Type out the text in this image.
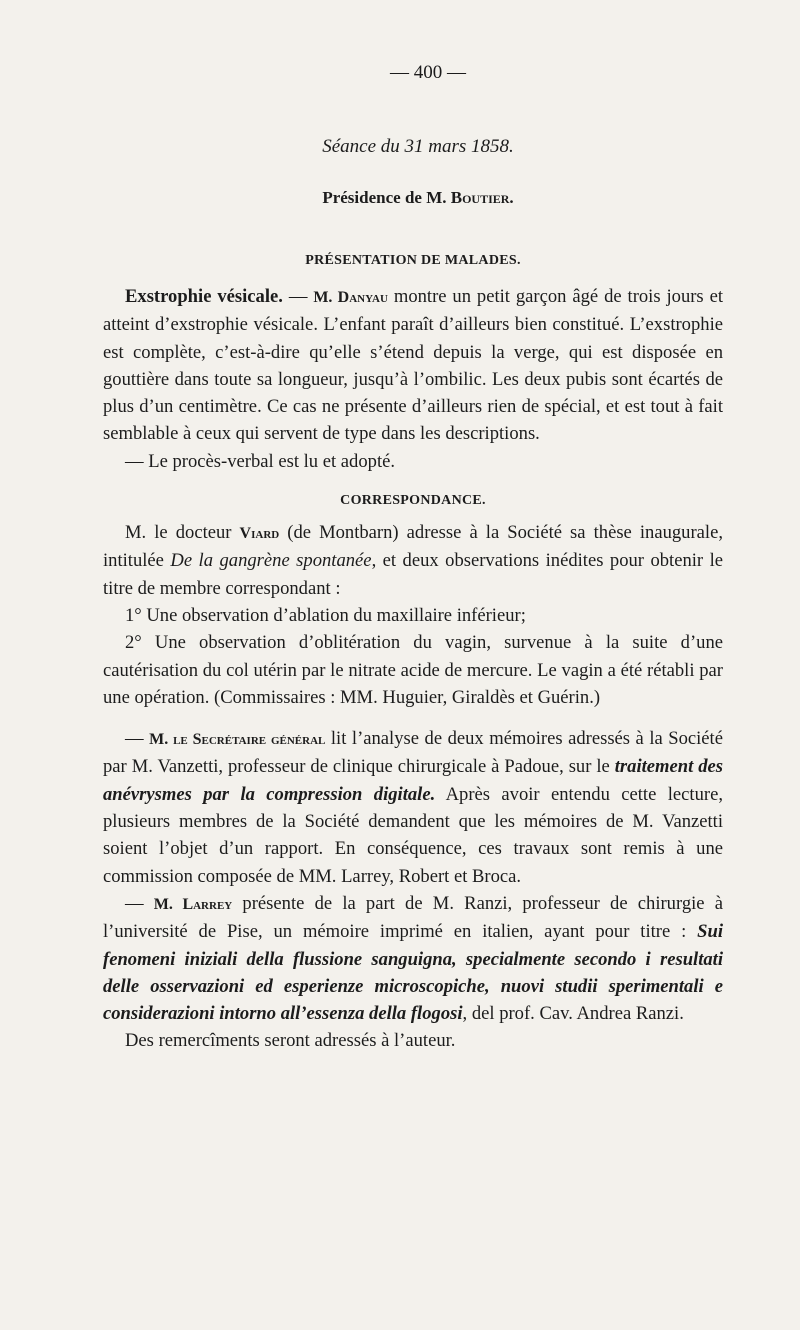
— 400 —
Séance du 31 mars 1858.
Présidence de M. Boutier.
PRÉSENTATION DE MALADES.

Exstrophie vésicale. — M. Danyau montre un petit garçon âgé de trois jours et atteint d’exstrophie vésicale. L’enfant paraît d’ailleurs bien constitué. L’exstrophie est complète, c’est-à-dire qu’elle s’étend depuis la verge, qui est disposée en gouttière dans toute sa longueur, jusqu’à l’ombilic. Les deux pubis sont écartés de plus d’un centimètre. Ce cas ne présente d’ailleurs rien de spécial, et est tout à fait semblable à ceux qui servent de type dans les descriptions.

— Le procès-verbal est lu et adopté.

CORRESPONDANCE.

M. le docteur Viard (de Montbarn) adresse à la Société sa thèse inaugurale, intitulée De la gangrène spontanée, et deux observations inédites pour obtenir le titre de membre correspondant :

1° Une observation d’ablation du maxillaire inférieur;

2° Une observation d’oblitération du vagin, survenue à la suite d’une cautérisation du col utérin par le nitrate acide de mercure. Le vagin a été rétabli par une opération. (Commissaires : MM. Huguier, Giraldès et Guérin.)

— M. le Secrétaire général lit l’analyse de deux mémoires adressés à la Société par M. Vanzetti, professeur de clinique chirurgicale à Padoue, sur le traitement des anévrysmes par la compression digitale. Après avoir entendu cette lecture, plusieurs membres de la Société demandent que les mémoires de M. Vanzetti soient l’objet d’un rapport. En conséquence, ces travaux sont remis à une commission composée de MM. Larrey, Robert et Broca.

— M. Larrey présente de la part de M. Ranzi, professeur de chirurgie à l’université de Pise, un mémoire imprimé en italien, ayant pour titre : Sui fenomeni iniziali della flussione sanguigna, specialmente secondo i resultati delle osservazioni ed esperienze microscopiche, nuovi studii sperimentali e considerazioni intorno all’essenza della flogosi, del prof. Cav. Andrea Ranzi.

Des remercîments seront adressés à l’auteur.
